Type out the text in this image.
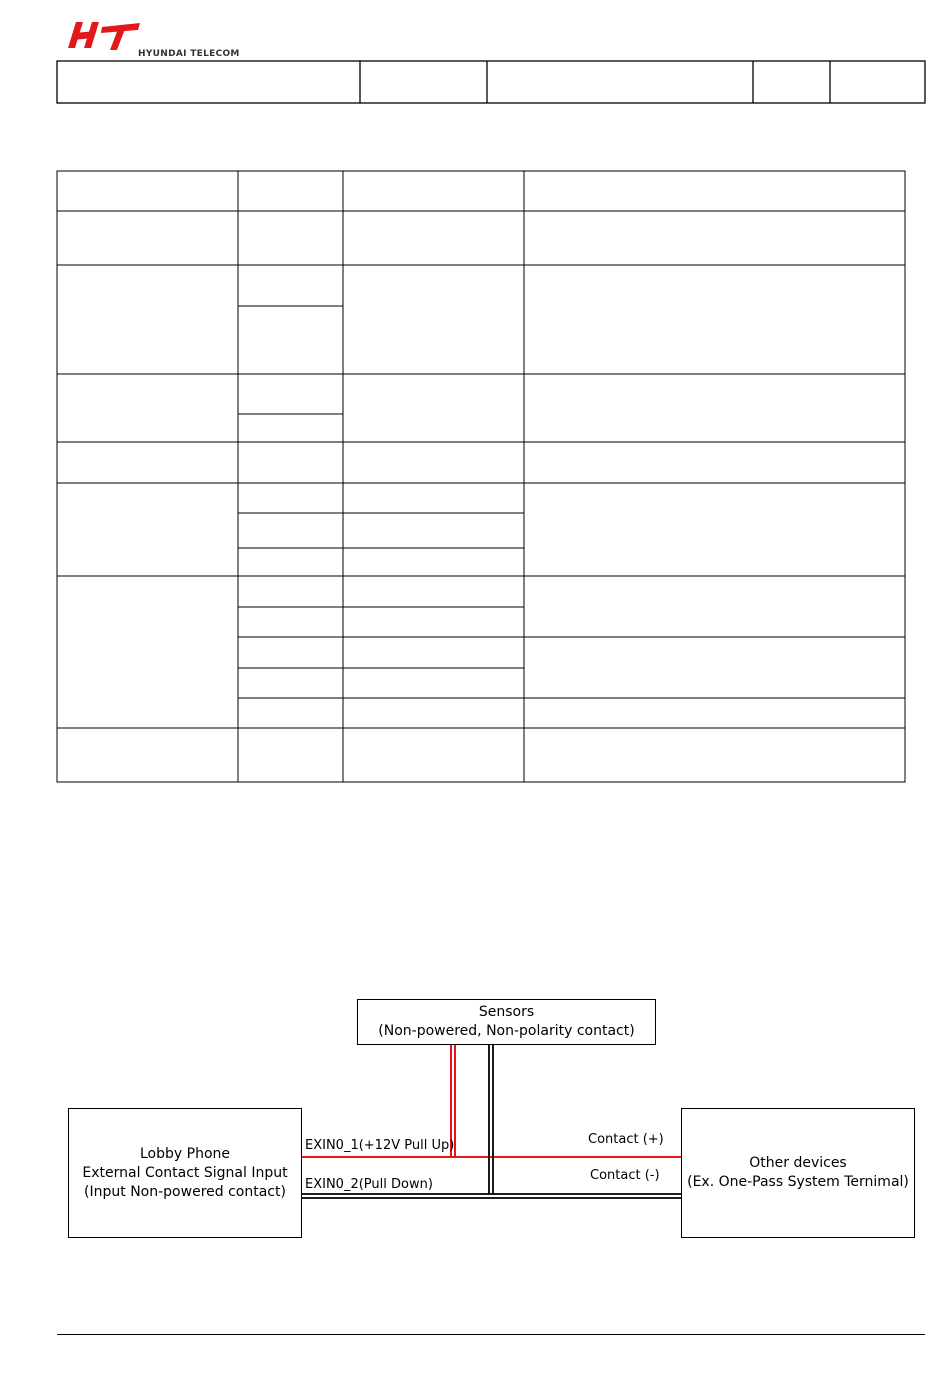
HYUNDAI TELECOM
Sensors
(Non-powered, Non-polarity contact)
Lobby Phone
External Contact Signal Input
(Input Non-powered contact)
Other devices
(Ex. One-Pass System Ternimal)
EXIN0_1(+12V Pull Up)
EXIN0_2(Pull Down)
Contact (+)
Contact (-)
